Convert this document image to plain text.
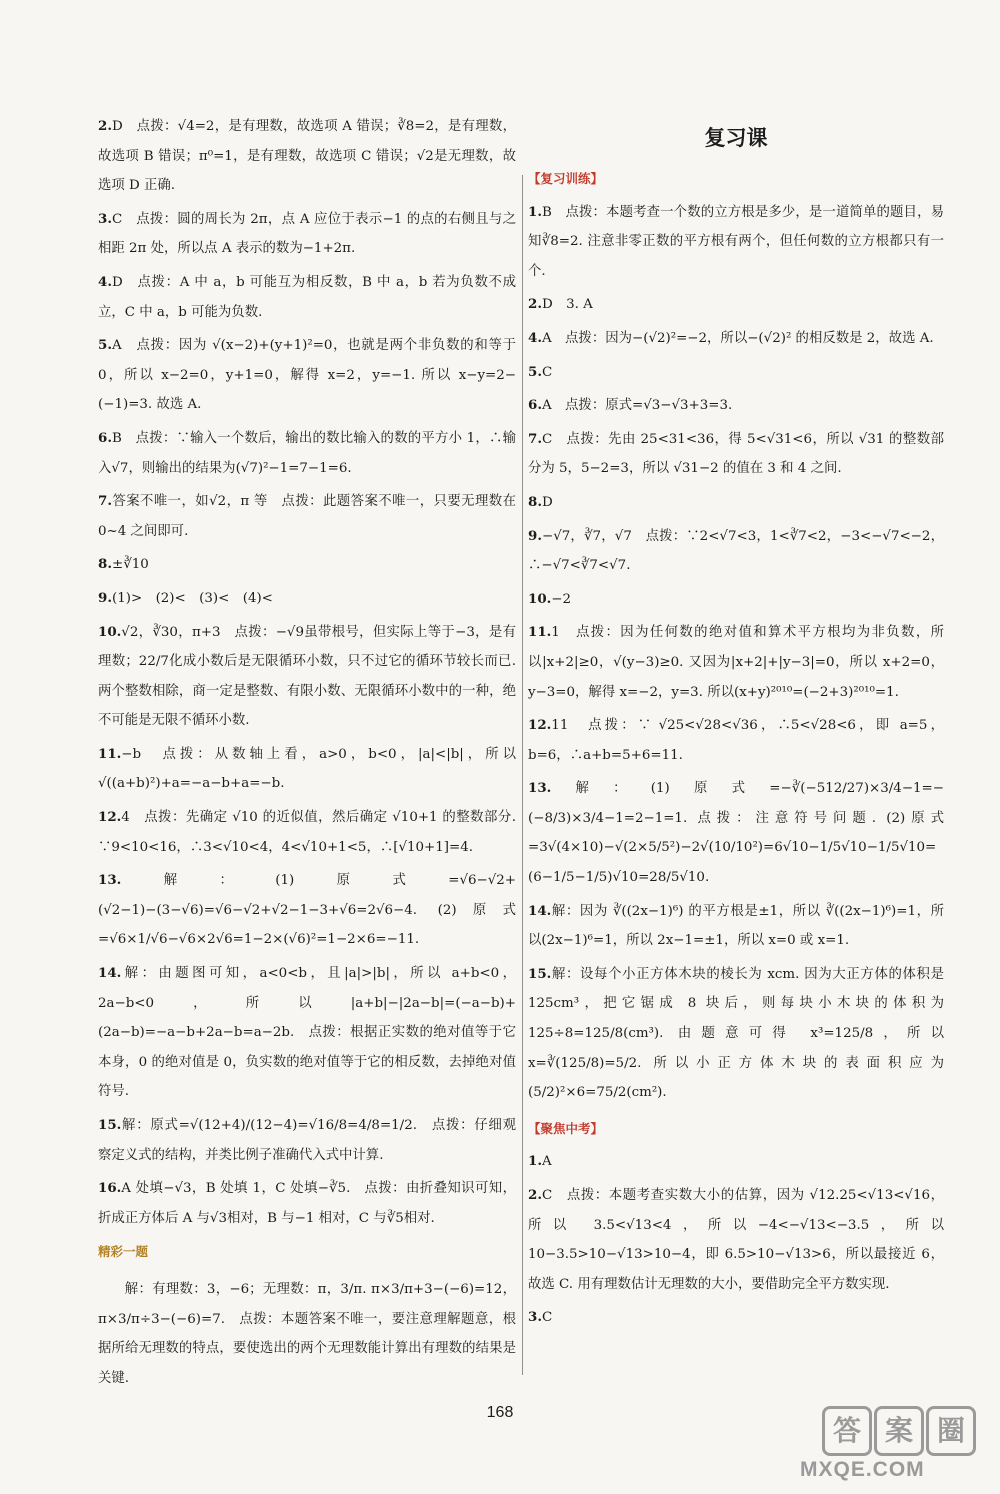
2.D　点拨：√4=2，是有理数，故选项 A 错误；∛8=2，是有理数，故选项 B 错误；π⁰=1，是有理数，故选项 C 错误；√2是无理数，故选项 D 正确.
3.C　点拨：圆的周长为 2π，点 A 应位于表示−1 的点的右侧且与之相距 2π 处，所以点 A 表示的数为−1+2π.
4.D　点拨：A 中 a，b 可能互为相反数，B 中 a，b 若为负数不成立，C 中 a，b 可能为负数.
5.A　点拨：因为 √(x−2)+(y+1)²=0，也就是两个非负数的和等于 0，所以 x−2=0，y+1=0，解得 x=2，y=−1. 所以 x−y=2−(−1)=3. 故选 A.
6.B　点拨：∵输入一个数后，输出的数比输入的数的平方小 1，∴输入√7，则输出的结果为(√7)²−1=7−1=6.
7.答案不唯一，如√2，π 等　点拨：此题答案不唯一，只要无理数在 0~4 之间即可.
8.±∛10
9.(1)>　(2)<　(3)<　(4)<
10.√2，∛30，π+3　点拨：−√9虽带根号，但实际上等于−3，是有理数；22/7化成小数后是无限循环小数，只不过它的循环节较长而已. 两个整数相除，商一定是整数、有限小数、无限循环小数中的一种，绝不可能是无限不循环小数.
11.−b　点拨：从数轴上看，a>0，b<0，|a|<|b|，所以 √((a+b)²)+a=−a−b+a=−b.
12.4　点拨：先确定 √10 的近似值，然后确定 √10+1 的整数部分. ∵9<10<16，∴3<√10<4，4<√10+1<5，∴[√10+1]=4.
13.解：(1)原式=√6−√2+(√2−1)−(3−√6)=√6−√2+√2−1−3+√6=2√6−4. (2)原式=√6×1/√6−√6×2√6=1−2×(√6)²=1−2×6=−11.
14.解：由题图可知，a<0<b，且|a|>|b|，所以 a+b<0，2a−b<0，所以|a+b|−|2a−b|=(−a−b)+(2a−b)=−a−b+2a−b=a−2b.　点拨：根据正实数的绝对值等于它本身，0 的绝对值是 0，负实数的绝对值等于它的相反数，去掉绝对值符号.
15.解：原式=√(12+4)/(12−4)=√16/8=4/8=1/2.　点拨：仔细观察定义式的结构，并类比例子准确代入式中计算.
16.A 处填−√3，B 处填 1，C 处填−∛5.　点拨：由折叠知识可知，折成正方体后 A 与√3相对，B 与−1 相对，C 与∛5相对.
精彩一题
解：有理数：3，−6；无理数：π，3/π. π×3/π+3−(−6)=12，π×3/π÷3−(−6)=7.　点拨：本题答案不唯一，要注意理解题意，根据所给无理数的特点，要使选出的两个无理数能计算出有理数的结果是关键.
复习课
【复习训练】
1.B　点拨：本题考查一个数的立方根是多少，是一道简单的题目，易知∛8=2. 注意非零正数的平方根有两个，但任何数的立方根都只有一个.
2.D　3. A
4.A　点拨：因为−(√2)²=−2，所以−(√2)² 的相反数是 2，故选 A.
5.C
6.A　点拨：原式=√3−√3+3=3.
7.C　点拨：先由 25<31<36，得 5<√31<6，所以 √31 的整数部分为 5，5−2=3，所以 √31−2 的值在 3 和 4 之间.
8.D
9.−√7，∛7，√7　点拨：∵2<√7<3，1<∛7<2，−3<−√7<−2，∴−√7<∛7<√7.
10.−2
11.1　点拨：因为任何数的绝对值和算术平方根均为非负数，所以|x+2|≥0，√(y−3)≥0. 又因为|x+2|+|y−3|=0，所以 x+2=0，y−3=0，解得 x=−2，y=3. 所以(x+y)²⁰¹⁰=(−2+3)²⁰¹⁰=1.
12.11　点拨：∵ √25<√28<√36，∴5<√28<6，即 a=5，b=6，∴a+b=5+6=11.
13.解：(1)原式=−∛(−512/27)×3/4−1=−(−8/3)×3/4−1=2−1=1. 点拨：注意符号问题. (2)原式=3√(4×10)−√(2×5/5²)−2√(10/10²)=6√10−1/5√10−1/5√10=(6−1/5−1/5)√10=28/5√10.
14.解：因为 ∛((2x−1)⁶) 的平方根是±1，所以 ∛((2x−1)⁶)=1，所以(2x−1)⁶=1，所以 2x−1=±1，所以 x=0 或 x=1.
15.解：设每个小正方体木块的棱长为 xcm. 因为大正方体的体积是 125cm³，把它锯成 8 块后，则每块小木块的体积为 125÷8=125/8(cm³). 由题意可得 x³=125/8，所以 x=∛(125/8)=5/2. 所以小正方体木块的表面积应为(5/2)²×6=75/2(cm²).
【聚焦中考】
1.A
2.C　点拨：本题考查实数大小的估算，因为 √12.25<√13<√16，所以 3.5<√13<4，所以−4<−√13<−3.5，所以 10−3.5>10−√13>10−4，即 6.5>10−√13>6，所以最接近 6，故选 C. 用有理数估计无理数的大小，要借助完全平方数实现.
3.C
168
答 案 圈
MXQE.COM
